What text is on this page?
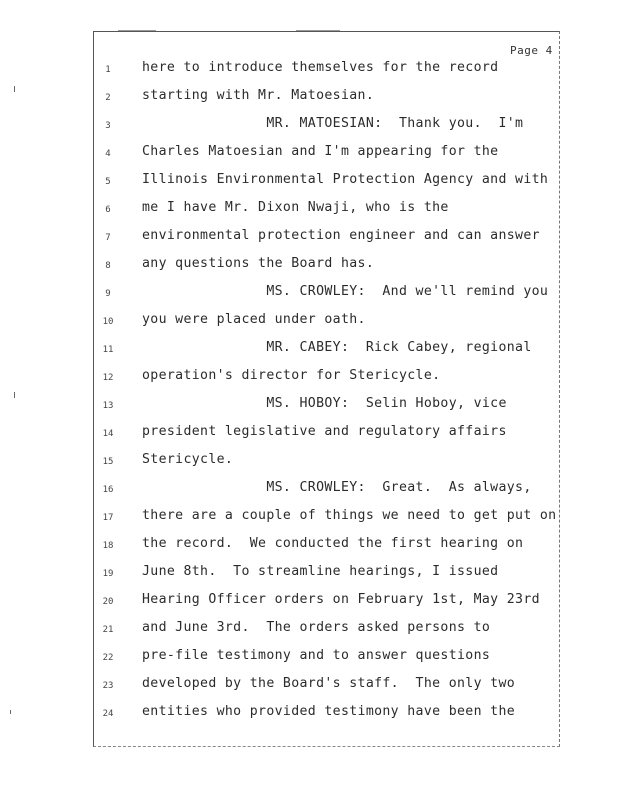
Page 4
1	here to introduce themselves for the record
2	starting with Mr. Matoesian.
3	MR. MATOESIAN:  Thank you.  I'm
4	Charles Matoesian and I'm appearing for the
5	Illinois Environmental Protection Agency and with
6	me I have Mr. Dixon Nwaji, who is the
7	environmental protection engineer and can answer
8	any questions the Board has.
9	MS. CROWLEY:  And we'll remind you
10 you were placed under oath.
11 MR. CABEY:  Rick Cabey, regional
12 operation's director for Stericycle.
13 MS. HOBOY:  Selin Hoboy, vice
14 president legislative and regulatory affairs
15 Stericycle.
16 MS. CROWLEY:  Great.  As always,
17 there are a couple of things we need to get put on
18 the record.  We conducted the first hearing on
19 June 8th.  To streamline hearings, I issued
20 Hearing Officer orders on February 1st, May 23rd
21 and June 3rd.  The orders asked persons to
22 pre-file testimony and to answer questions
23 developed by the Board's staff.  The only two
24 entities who provided testimony have been the
